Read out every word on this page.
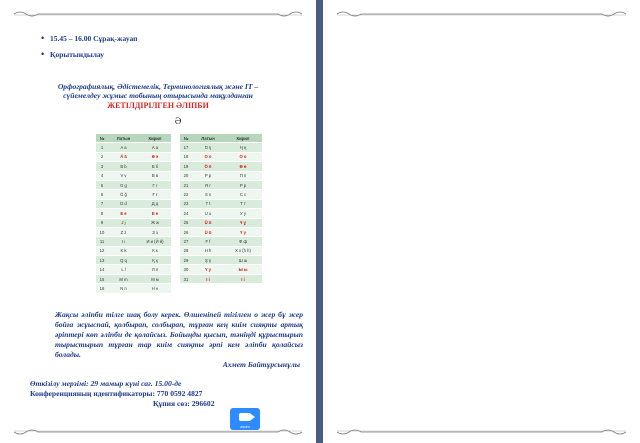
• 15.45 – 16.00 Сұрақ-жауап
• Қорытындылау
Орфографиялық, Әдістемелік, Терминологиялық және IT – сүйемелдеу жұмыс тобының отырысында мақұлданған
ЖЕТІЛДІРІЛГЕН ӘЛІПБИ
Ә
№	Латын	Кирил
1	A a	А а
2	Ä ä	Ә ә
3	B b	Б б
4	V v	В в
5	G g	Г г
6	Ğ ğ	Ғ ғ
7	D d	Д д
8	E e	Е е
9	J j	Ж ж
10	Z z	З з
11	I ı	И и (Й й)
12	K k	К к
13	Q q	Қ қ
14	L l	Л л
15	M m	М м
16	N n	Н н
№	Латын	Кирил
17	Ŋ ŋ	Ң ң
18	O o	О о
19	Ö ö	Ө ө
20	P p	П п
21	R r	Р р
22	S s	С с
23	T t	Т т
24	U u	У у
25	Ū ū	Ұ ұ
26	Ü ü	Ү ү
27	F f	Ф ф
28	H h	Х х (h h)
29	Ş ş	Ш ш
30	Y y	Ы ы
31	I i	І і
Жақсы әліпби тілге шақ болу керек. Өлшеніпей тігілген о жер бұ жер бойға жұыспай, қолбырап, солбырап, тұрған кең киім сияқты артық әріптері көп әліпби де қолайсыз. Бойыңды қысып, тәніңді құрыстырып тырыстырып тұрған тар киім сияқты әрпі кем әліпби қолайсыз болады.
Ахмет Байтұрсынұлы
Өткізілу мерзімі: 29 мамыр күні сағ. 15.00-де
Конференцияның идентификаторы: 770 0592 4827
Құпия сөз: 296602
zoom
